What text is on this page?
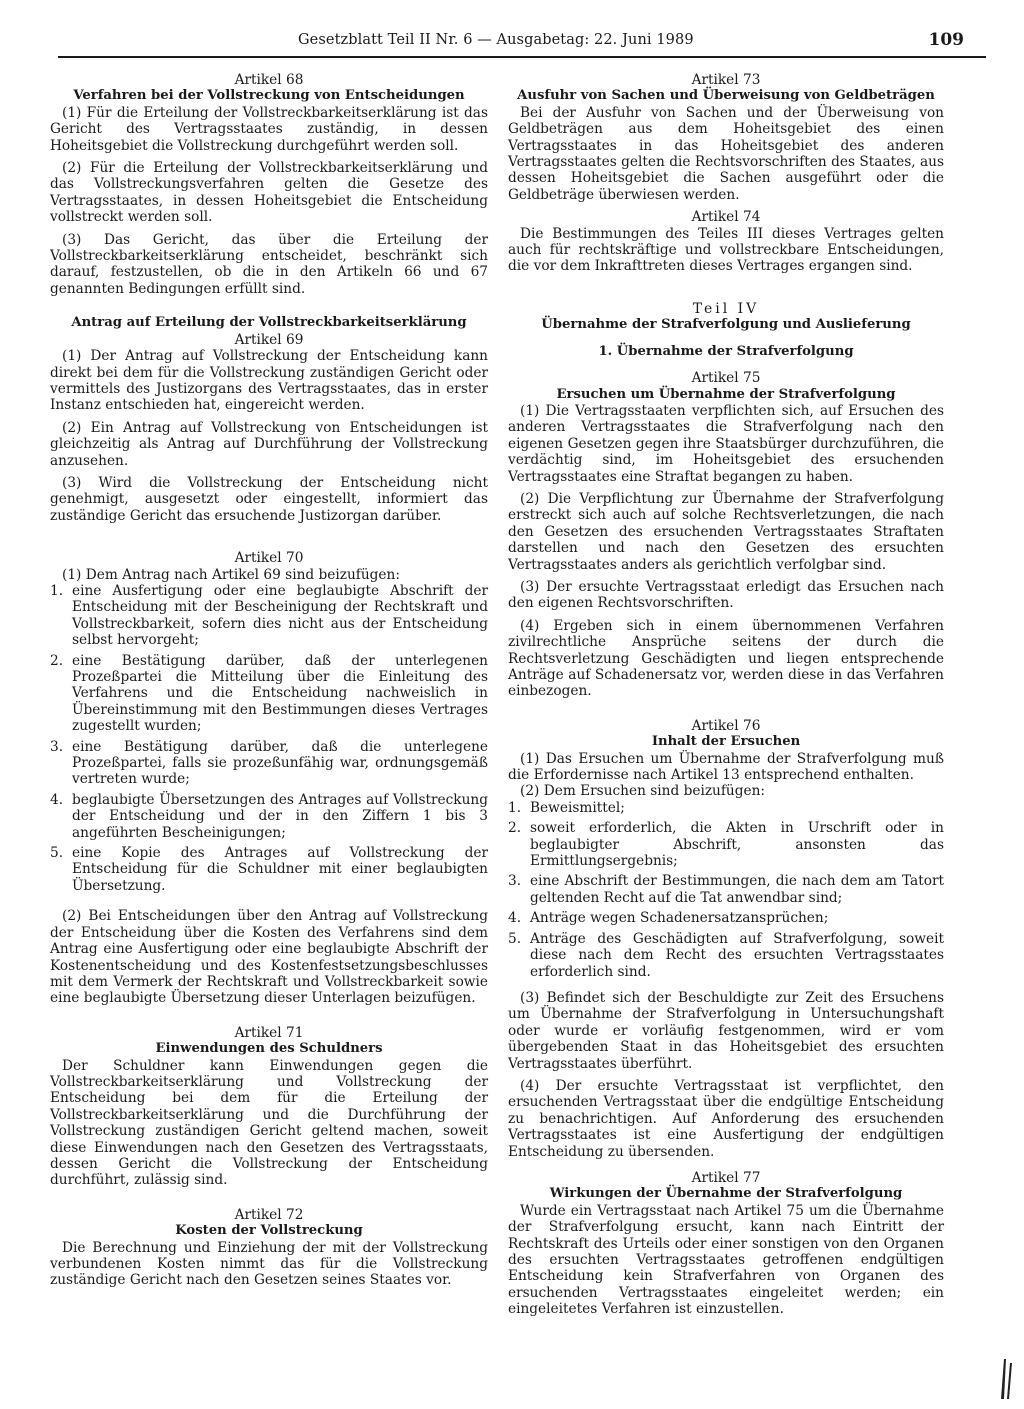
Gesetzblatt Teil II Nr. 6 — Ausgabetag: 22. Juni 1989	109

Artikel 68

Verfahren bei der Vollstreckung von Entscheidungen

(1) Für die Erteilung der Vollstreckbarkeitserklärung ist das Gericht des Vertragsstaates zuständig, in dessen Hoheitsgebiet die Vollstreckung durchgeführt werden soll.

(2) Für die Erteilung der Vollstreckbarkeitserklärung und das Vollstreckungsverfahren gelten die Gesetze des Vertragsstaates, in dessen Hoheitsgebiet die Entscheidung vollstreckt werden soll.

(3) Das Gericht, das über die Erteilung der Vollstreckbarkeitserklärung entscheidet, beschränkt sich darauf, festzustellen, ob die in den Artikeln 66 und 67 genannten Bedingungen erfüllt sind.

Antrag auf Erteilung der Vollstreckbarkeitserklärung

Artikel 69

(1) Der Antrag auf Vollstreckung der Entscheidung kann direkt bei dem für die Vollstreckung zuständigen Gericht oder vermittels des Justizorgans des Vertragsstaates, das in erster Instanz entschieden hat, eingereicht werden.

(2) Ein Antrag auf Vollstreckung von Entscheidungen ist gleichzeitig als Antrag auf Durchführung der Vollstreckung anzusehen.

(3) Wird die Vollstreckung der Entscheidung nicht genehmigt, ausgesetzt oder eingestellt, informiert das zuständige Gericht das ersuchende Justizorgan darüber.

Artikel 70

(1) Dem Antrag nach Artikel 69 sind beizufügen:

1. eine Ausfertigung oder eine beglaubigte Abschrift der Entscheidung mit der Bescheinigung der Rechtskraft und Vollstreckbarkeit, sofern dies nicht aus der Entscheidung selbst hervorgeht;
2. eine Bestätigung darüber, daß der unterlegenen Prozeßpartei die Mitteilung über die Einleitung des Verfahrens und die Entscheidung nachweislich in Übereinstimmung mit den Bestimmungen dieses Vertrages zugestellt wurden;
3. eine Bestätigung darüber, daß die unterlegene Prozeßpartei, falls sie prozeßunfähig war, ordnungsgemäß vertreten wurde;
4. beglaubigte Übersetzungen des Antrages auf Vollstreckung der Entscheidung und der in den Ziffern 1 bis 3 angeführten Bescheinigungen;
5. eine Kopie des Antrages auf Vollstreckung der Entscheidung für die Schuldner mit einer beglaubigten Übersetzung.

(2) Bei Entscheidungen über den Antrag auf Vollstreckung der Entscheidung über die Kosten des Verfahrens sind dem Antrag eine Ausfertigung oder eine beglaubigte Abschrift der Kostenentscheidung und des Kostenfestsetzungsbeschlusses mit dem Vermerk der Rechtskraft und Vollstreckbarkeit sowie eine beglaubigte Übersetzung dieser Unterlagen beizufügen.

Artikel 71

Einwendungen des Schuldners

Der Schuldner kann Einwendungen gegen die Vollstreckbarkeitserklärung und Vollstreckung der Entscheidung bei dem für die Erteilung der Vollstreckbarkeitserklärung und die Durchführung der Vollstreckung zuständigen Gericht geltend machen, soweit diese Einwendungen nach den Gesetzen des Vertragsstaats, dessen Gericht die Vollstreckung der Entscheidung durchführt, zulässig sind.

Artikel 72

Kosten der Vollstreckung

Die Berechnung und Einziehung der mit der Vollstreckung verbundenen Kosten nimmt das für die Vollstreckung zuständige Gericht nach den Gesetzen seines Staates vor.

Artikel 73

Ausfuhr von Sachen und Überweisung von Geldbeträgen

Bei der Ausfuhr von Sachen und der Überweisung von Geldbeträgen aus dem Hoheitsgebiet des einen Vertragsstaates in das Hoheitsgebiet des anderen Vertragsstaates gelten die Rechtsvorschriften des Staates, aus dessen Hoheitsgebiet die Sachen ausgeführt oder die Geldbeträge überwiesen werden.

Artikel 74

Die Bestimmungen des Teiles III dieses Vertrages gelten auch für rechtskräftige und vollstreckbare Entscheidungen, die vor dem Inkrafttreten dieses Vertrages ergangen sind.

Teil IV

Übernahme der Strafverfolgung und Auslieferung

1. Übernahme der Strafverfolgung

Artikel 75

Ersuchen um Übernahme der Strafverfolgung

(1) Die Vertragsstaaten verpflichten sich, auf Ersuchen des anderen Vertragsstaates die Strafverfolgung nach den eigenen Gesetzen gegen ihre Staatsbürger durchzuführen, die verdächtig sind, im Hoheitsgebiet des ersuchenden Vertragsstaates eine Straftat begangen zu haben.

(2) Die Verpflichtung zur Übernahme der Strafverfolgung erstreckt sich auch auf solche Rechtsverletzungen, die nach den Gesetzen des ersuchenden Vertragsstaates Straftaten darstellen und nach den Gesetzen des ersuchten Vertragsstaates anders als gerichtlich verfolgbar sind.

(3) Der ersuchte Vertragsstaat erledigt das Ersuchen nach den eigenen Rechtsvorschriften.

(4) Ergeben sich in einem übernommenen Verfahren zivilrechtliche Ansprüche seitens der durch die Rechtsverletzung Geschädigten und liegen entsprechende Anträge auf Schadenersatz vor, werden diese in das Verfahren einbezogen.

Artikel 76

Inhalt der Ersuchen

(1) Das Ersuchen um Übernahme der Strafverfolgung muß die Erfordernisse nach Artikel 13 entsprechend enthalten.

(2) Dem Ersuchen sind beizufügen:

1. Beweismittel;
2. soweit erforderlich, die Akten in Urschrift oder in beglaubigter Abschrift, ansonsten das Ermittlungsergebnis;
3. eine Abschrift der Bestimmungen, die nach dem am Tatort geltenden Recht auf die Tat anwendbar sind;
4. Anträge wegen Schadenersatzansprüchen;
5. Anträge des Geschädigten auf Strafverfolgung, soweit diese nach dem Recht des ersuchten Vertragsstaates erforderlich sind.

(3) Befindet sich der Beschuldigte zur Zeit des Ersuchens um Übernahme der Strafverfolgung in Untersuchungshaft oder wurde er vorläufig festgenommen, wird er vom übergebenden Staat in das Hoheitsgebiet des ersuchten Vertragsstaates überführt.

(4) Der ersuchte Vertragsstaat ist verpflichtet, den ersuchenden Vertragsstaat über die endgültige Entscheidung zu benachrichtigen. Auf Anforderung des ersuchenden Vertragsstaates ist eine Ausfertigung der endgültigen Entscheidung zu übersenden.

Artikel 77

Wirkungen der Übernahme der Strafverfolgung

Wurde ein Vertragsstaat nach Artikel 75 um die Übernahme der Strafverfolgung ersucht, kann nach Eintritt der Rechtskraft des Urteils oder einer sonstigen von den Organen des ersuchten Vertragsstaates getroffenen endgültigen Entscheidung kein Strafverfahren von Organen des ersuchenden Vertragsstaates eingeleitet werden; ein eingeleitetes Verfahren ist einzustellen.
